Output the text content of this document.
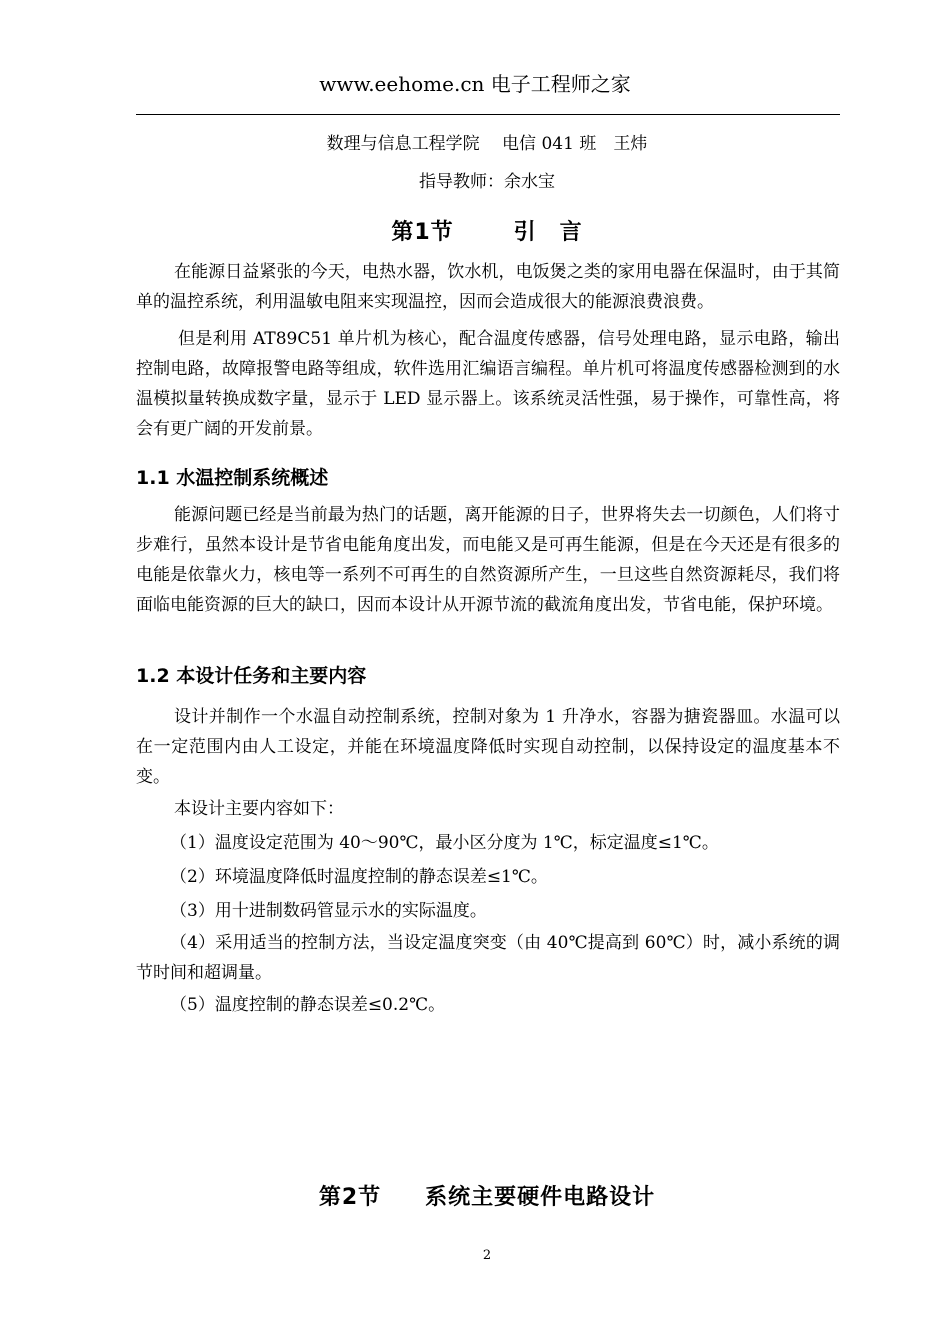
www.eehome.cn 电子工程师之家
数理与信息工程学院　 电信 041 班　王炜
指导教师：余水宝
第1节	引　言
在能源日益紧张的今天，电热水器，饮水机，电饭煲之类的家用电器在保温时，由于其简单的温控系统，利用温敏电阻来实现温控，因而会造成很大的能源浪费浪费。
但是利用 AT89C51 单片机为核心，配合温度传感器，信号处理电路，显示电路，输出控制电路，故障报警电路等组成，软件选用汇编语言编程。单片机可将温度传感器检测到的水温模拟量转换成数字量，显示于 LED 显示器上。该系统灵活性强，易于操作，可靠性高，将会有更广阔的开发前景。
1.1 水温控制系统概述
能源问题已经是当前最为热门的话题，离开能源的日子，世界将失去一切颜色，人们将寸步难行，虽然本设计是节省电能角度出发，而电能又是可再生能源，但是在今天还是有很多的电能是依靠火力，核电等一系列不可再生的自然资源所产生，一旦这些自然资源耗尽，我们将面临电能资源的巨大的缺口，因而本设计从开源节流的截流角度出发，节省电能，保护环境。
1.2 本设计任务和主要内容
设计并制作一个水温自动控制系统，控制对象为 1 升净水，容器为搪瓷器皿。水温可以在一定范围内由人工设定，并能在环境温度降低时实现自动控制，以保持设定的温度基本不变。
本设计主要内容如下：
（1）温度设定范围为 40～90℃，最小区分度为 1℃，标定温度≤1℃。
（2）环境温度降低时温度控制的静态误差≤1℃。
（3）用十进制数码管显示水的实际温度。
（4）采用适当的控制方法，当设定温度突变（由 40℃提高到 60℃）时，减小系统的调节时间和超调量。
（5）温度控制的静态误差≤0.2℃。
第2节 系统主要硬件电路设计
2
